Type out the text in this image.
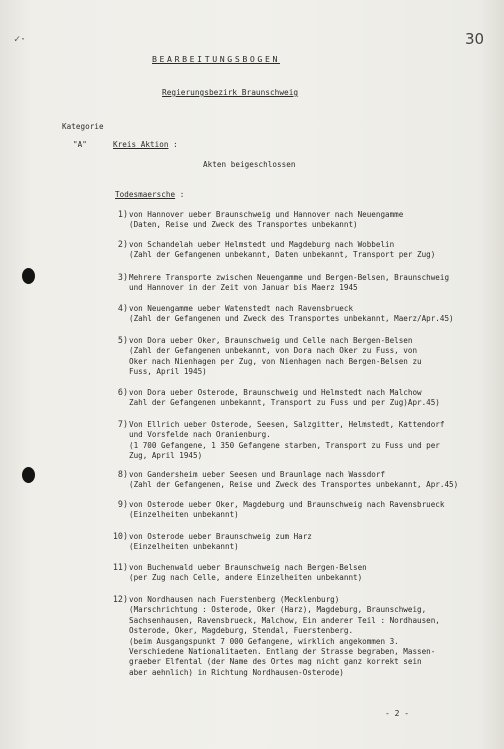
✓·	30
BEARBEITUNGSBOGEN
Regierungsbezirk Braunschweig
Kategorie
"A"	Kreis Aktion :
Akten beigeschlossen
Todesmaersche :
1) von Hannover ueber Braunschweig und Hannover nach Neuengamme
(Daten, Reise und Zweck des Transportes unbekannt)
2) von Schandelah ueber Helmstedt und Magdeburg nach Wobbelin
(Zahl der Gefangenen unbekannt, Daten unbekannt, Transport per Zug)
3) Mehrere Transporte zwischen Neuengamme und Bergen-Belsen, Braunschweig
und Hannover in der Zeit von Januar bis Maerz 1945
4) von Neuengamme ueber Watenstedt nach Ravensbrueck
(Zahl der Gefangenen und Zweck des Transportes unbekannt, Maerz/Apr.45)
5) von Dora ueber Oker, Braunschweig und Celle nach Bergen-Belsen
(Zahl der Gefangenen unbekannt, von Dora nach Oker zu Fuss, von
Oker nach Nienhagen per Zug, von Nienhagen nach Bergen-Belsen zu
Fuss, April 1945)
6) von Dora ueber Osterode, Braunschweig und Helmstedt nach Malchow
Zahl der Gefangenen unbekannt, Transport zu Fuss und per Zug)Apr.45)
7) Von Ellrich ueber Osterode, Seesen, Salzgitter, Helmstedt, Kattendorf
und Vorsfelde nach Oranienburg.
(1 700 Gefangene, 1 350 Gefangene starben, Transport zu Fuss und per
Zug, April 1945)
8) von Gandersheim ueber Seesen und Braunlage nach Wassdorf
(Zahl der Gefangenen, Reise und Zweck des Transportes unbekannt, Apr.45)
9) von Osterode ueber Oker, Magdeburg und Braunschweig nach Ravensbrueck
(Einzelheiten unbekannt)
10) von Osterode ueber Braunschweig zum Harz
(Einzelheiten unbekannt)
11) von Buchenwald ueber Braunschweig nach Bergen-Belsen
(per Zug nach Celle, andere Einzelheiten unbekannt)
12) von Nordhausen nach Fuerstenberg (Mecklenburg)
(Marschrichtung : Osterode, Oker (Harz), Magdeburg, Braunschweig,
Sachsenhausen, Ravensbrueck, Malchow, Ein anderer Teil : Nordhausen,
Osterode, Oker, Magdeburg, Stendal, Fuerstenberg.
(beim Ausgangspunkt 7 000 Gefangene, wirklich angekommen 3.
Verschiedene Nationalitaeten. Entlang der Strasse begraben, Massen-
graeber Elfental (der Name des Ortes mag nicht ganz korrekt sein
aber aehnlich) in Richtung Nordhausen-Osterode)
- 2 -
